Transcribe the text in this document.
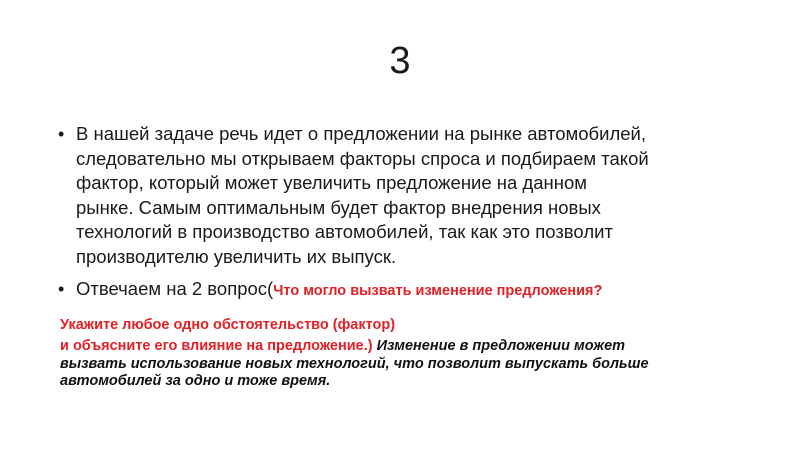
3
• В нашей задаче речь идет о предложении на рынке автомобилей,
следовательно мы открываем факторы спроса и подбираем такой
фактор, который может увеличить предложение на данном
рынке. Самым оптимальным будет фактор внедрения новых
технологий в производство автомобилей, так как это позволит
производителю увеличить их выпуск.
• Отвечаем на 2 вопрос(Что могло вызвать изменение предложения?
Укажите любое одно обстоятельство (фактор)
и объясните его влияние на предложение.) Изменение в предложении может
вызвать использование новых технологий, что позволит выпускать больше
автомобилей за одно и тоже время.
